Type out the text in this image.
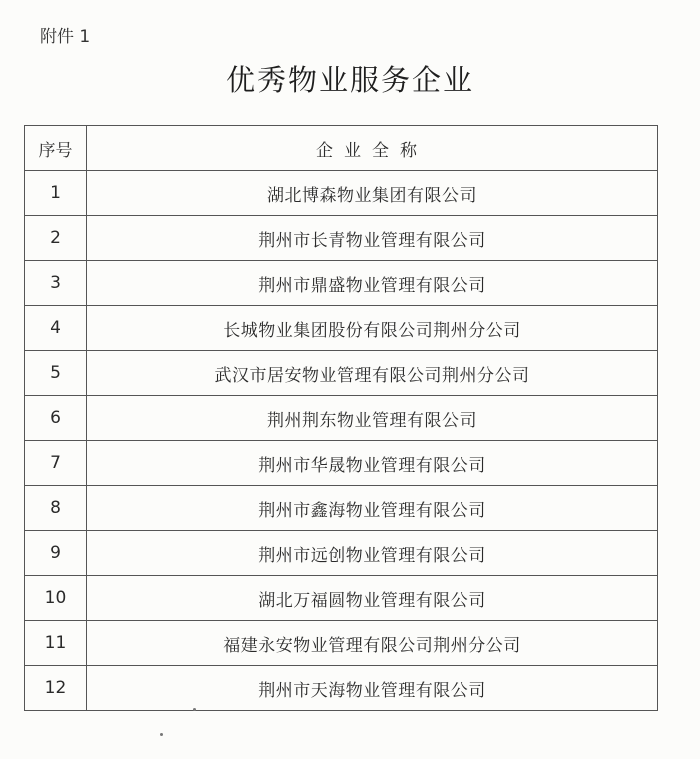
附件 1
优秀物业服务企业
序号	企业全称
1	湖北博森物业集团有限公司
2	荆州市长青物业管理有限公司
3	荆州市鼎盛物业管理有限公司
4	长城物业集团股份有限公司荆州分公司
5	武汉市居安物业管理有限公司荆州分公司
6	荆州荆东物业管理有限公司
7	荆州市华晟物业管理有限公司
8	荆州市鑫海物业管理有限公司
9	荆州市远创物业管理有限公司
10	湖北万福圆物业管理有限公司
11	福建永安物业管理有限公司荆州分公司
12	荆州市天海物业管理有限公司
